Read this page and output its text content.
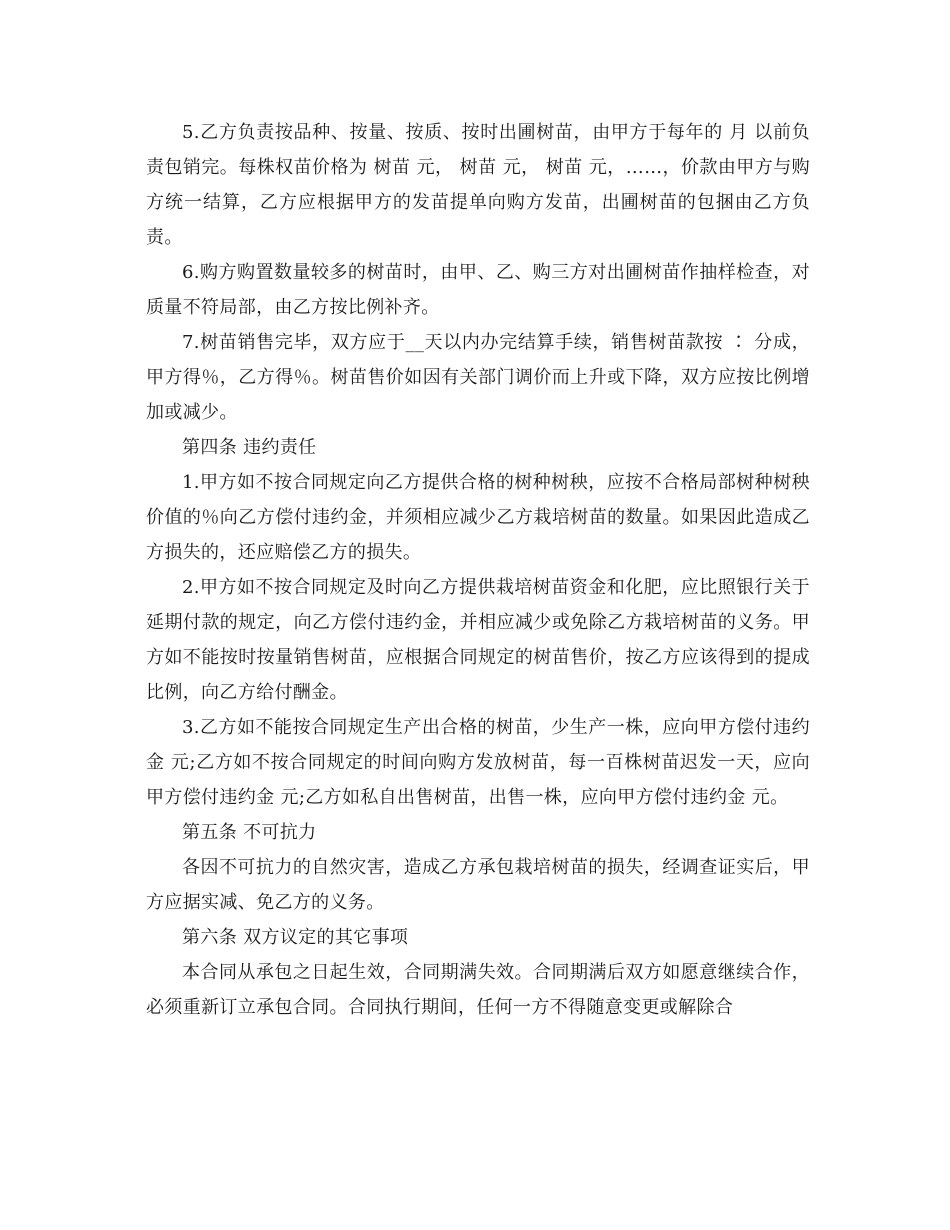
5.乙方负责按品种、按量、按质、按时出圃树苗，由甲方于每年的 月 以前负责包销完。每株权苗价格为 树苗 元， 树苗 元， 树苗 元，……，价款由甲方与购方统一结算，乙方应根据甲方的发苗提单向购方发苗，出圃树苗的包捆由乙方负责。

6.购方购置数量较多的树苗时，由甲、乙、购三方对出圃树苗作抽样检查，对质量不符局部，由乙方按比例补齐。

7.树苗销售完毕，双方应于__天以内办完结算手续，销售树苗款按 ∶ 分成，甲方得％，乙方得％。树苗售价如因有关部门调价而上升或下降，双方应按比例增加或减少。

第四条 违约责任

1.甲方如不按合同规定向乙方提供合格的树种树秧，应按不合格局部树种树秧价值的％向乙方偿付违约金，并须相应减少乙方栽培树苗的数量。如果因此造成乙方损失的，还应赔偿乙方的损失。

2.甲方如不按合同规定及时向乙方提供栽培树苗资金和化肥，应比照银行关于延期付款的规定，向乙方偿付违约金，并相应减少或免除乙方栽培树苗的义务。甲方如不能按时按量销售树苗，应根据合同规定的树苗售价，按乙方应该得到的提成比例，向乙方给付酬金。

3.乙方如不能按合同规定生产出合格的树苗，少生产一株，应向甲方偿付违约金 元;乙方如不按合同规定的时间向购方发放树苗，每一百株树苗迟发一天，应向甲方偿付违约金 元;乙方如私自出售树苗，出售一株，应向甲方偿付违约金 元。

第五条 不可抗力

各因不可抗力的自然灾害，造成乙方承包栽培树苗的损失，经调查证实后，甲方应据实减、免乙方的义务。

第六条 双方议定的其它事项

本合同从承包之日起生效，合同期满失效。合同期满后双方如愿意继续合作，必须重新订立承包合同。合同执行期间，任何一方不得随意变更或解除合
